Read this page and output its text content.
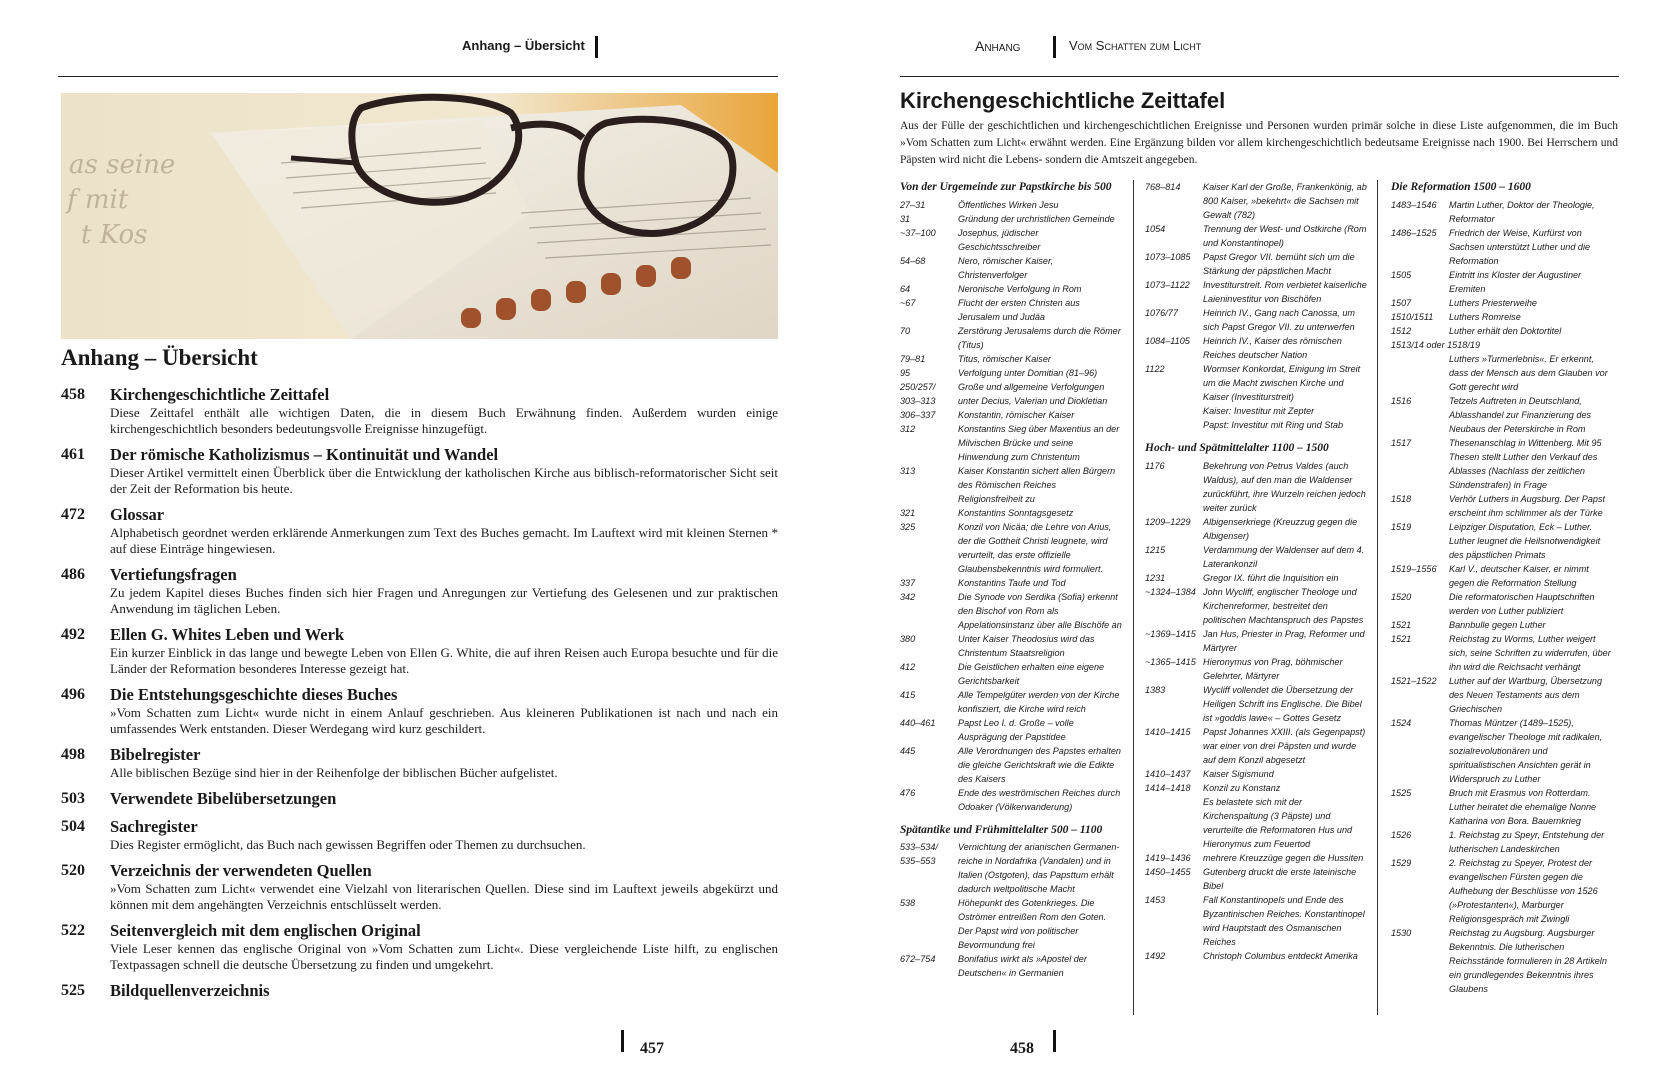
Anhang – Übersicht
as seine
f mit
t Kos
Anhang – Übersicht
458	Kirchengeschichtliche Zeittafel
Diese Zeittafel enthält alle wichtigen Daten, die in diesem Buch Erwähnung finden. Außerdem wurden einige kirchengeschichtlich besonders bedeutungsvolle Ereignisse hinzugefügt.
461	Der römische Katholizismus – Kontinuität und Wandel
Dieser Artikel vermittelt einen Überblick über die Entwicklung der katholischen Kirche aus biblisch-reformatorischer Sicht seit der Zeit der Reformation bis heute.
472	Glossar
Alphabetisch geordnet werden erklärende Anmerkungen zum Text des Buches gemacht. Im Lauftext wird mit kleinen Sternen * auf diese Einträge hingewiesen.
486	Vertiefungsfragen
Zu jedem Kapitel dieses Buches finden sich hier Fragen und Anregungen zur Vertiefung des Gelesenen und zur praktischen Anwendung im täglichen Leben.
492	Ellen G. Whites Leben und Werk
Ein kurzer Einblick in das lange und bewegte Leben von Ellen G. White, die auf ihren Reisen auch Europa besuchte und für die Länder der Reformation besonderes Interesse gezeigt hat.
496	Die Entstehungsgeschichte dieses Buches
»Vom Schatten zum Licht« wurde nicht in einem Anlauf geschrieben. Aus kleineren Publikationen ist nach und nach ein umfassendes Werk entstanden. Dieser Werdegang wird kurz geschildert.
498	Bibelregister
Alle biblischen Bezüge sind hier in der Reihenfolge der biblischen Bücher aufgelistet.
503	Verwendete Bibelübersetzungen
504	Sachregister
Dies Register ermöglicht, das Buch nach gewissen Begriffen oder Themen zu durchsuchen.
520	Verzeichnis der verwendeten Quellen
»Vom Schatten zum Licht« verwendet eine Vielzahl von literarischen Quellen. Diese sind im Lauftext jeweils abgekürzt und können mit dem angehängten Verzeichnis entschlüsselt werden.
522	Seitenvergleich mit dem englischen Original
Viele Leser kennen das englische Original von »Vom Schatten zum Licht«. Diese vergleichende Liste hilft, zu englischen Textpassagen schnell die deutsche Übersetzung zu finden und umgekehrt.
525	Bildquellenverzeichnis
457
Anhang	Vom Schatten zum Licht
Kirchengeschichtliche Zeittafel
Aus der Fülle der geschichtlichen und kirchengeschichtlichen Ereignisse und Personen wurden primär solche in diese Liste aufgenommen, die im Buch »Vom Schatten zum Licht« erwähnt werden. Eine Ergänzung bilden vor allem kirchengeschichtlich bedeutsame Ereignisse nach 1900. Bei Herrschern und Päpsten wird nicht die Lebens- sondern die Amtszeit angegeben.
Von der Urgemeinde zur Papstkirche bis 500
27–31	Öffentliches Wirken Jesu
31	Gründung der urchristlichen Gemeinde
~37–100	Josephus, jüdischer Geschichtsschreiber
54–68	Nero, römischer Kaiser, Christenverfolger
64	Neronische Verfolgung in Rom
~67	Flucht der ersten Christen aus Jerusalem und Judäa
70	Zerstörung Jerusalems durch die Römer (Titus)
79–81	Titus, römischer Kaiser
95	Verfolgung unter Domitian (81–96)
250/257/	Große und allgemeine Verfolgungen
303–313	unter Decius, Valerian und Diokletian
306–337	Konstantin, römischer Kaiser
312	Konstantins Sieg über Maxentius an der Milvischen Brücke und seine Hinwendung zum Christentum
313	Kaiser Konstantin sichert allen Bürgern des Römischen Reiches Religionsfreiheit zu
321	Konstantins Sonntagsgesetz
325	Konzil von Nicäa; die Lehre von Arius, der die Gottheit Christi leugnete, wird verurteilt, das erste offizielle Glaubensbekenntnis wird formuliert.
337	Konstantins Taufe und Tod
342	Die Synode von Serdika (Sofia) erkennt den Bischof von Rom als Appelationsinstanz über alle Bischöfe an
380	Unter Kaiser Theodosius wird das Christentum Staatsreligion
412	Die Geistlichen erhalten eine eigene Gerichtsbarkeit
415	Alle Tempelgüter werden von der Kirche konfisziert, die Kirche wird reich
440–461	Papst Leo I. d. Große – volle Ausprägung der Papstidee
445	Alle Verordnungen des Papstes erhalten die gleiche Gerichtskraft wie die Edikte des Kaisers
476	Ende des weströmischen Reiches durch Odoaker (Völkerwanderung)
Spätantike und Frühmittelalter 500 – 1100
533–534/	Vernichtung der arianischen Germanen-
535–553	reiche in Nordafrika (Vandalen) und in Italien (Ostgoten), das Papsttum erhält dadurch weltpolitische Macht
538	Höhepunkt des Gotenkrieges. Die Oströmer entreißen Rom den Goten. Der Papst wird von politischer Bevormundung frei
672–754	Bonifatius wirkt als »Apostel der Deutschen« in Germanien
768–814	Kaiser Karl der Große, Frankenkönig, ab 800 Kaiser, »bekehrt« die Sachsen mit Gewalt (782)
1054	Trennung der West- und Ostkirche (Rom und Konstantinopel)
1073–1085	Papst Gregor VII. bemüht sich um die Stärkung der päpstlichen Macht
1073–1122	Investiturstreit. Rom verbietet kaiserliche Laieninvestitur von Bischöfen
1076/77	Heinrich IV., Gang nach Canossa, um sich Papst Gregor VII. zu unterwerfen
1084–1105	Heinrich IV., Kaiser des römischen Reiches deutscher Nation
1122	Wormser Konkordat, Einigung im Streit um die Macht zwischen Kirche und Kaiser (Investiturstreit)
Kaiser: Investitur mit Zepter
Papst: Investitur mit Ring und Stab
Hoch- und Spätmittelalter 1100 – 1500
1176	Bekehrung von Petrus Valdes (auch Waldus), auf den man die Waldenser zurückführt, ihre Wurzeln reichen jedoch weiter zurück
1209–1229	Albigenserkriege (Kreuzzug gegen die Albigenser)
1215	Verdammung der Waldenser auf dem 4. Laterankonzil
1231	Gregor IX. führt die Inquisition ein
~1324–1384 John Wycliff, englischer Theologe und Kirchenreformer, bestreitet den politischen Machtanspruch des Papstes
~1369–1415 Jan Hus, Priester in Prag, Reformer und Märtyrer
~1365–1415 Hieronymus von Prag, böhmischer Gelehrter, Märtyrer
1383	Wycliff vollendet die Übersetzung der Heiligen Schrift ins Englische. Die Bibel ist »goddis lawe« – Gottes Gesetz
1410–1415	Papst Johannes XXIII. (als Gegenpapst) war einer von drei Päpsten und wurde auf dem Konzil abgesetzt
1410–1437	Kaiser Sigismund
1414–1418	Konzil zu Konstanz
Es belastete sich mit der Kirchenspaltung (3 Päpste) und verurteilte die Reformatoren Hus und Hieronymus zum Feuertod
1419–1436	mehrere Kreuzzüge gegen die Hussiten
1450–1455	Gutenberg druckt die erste lateinische Bibel
1453	Fall Konstantinopels und Ende des Byzantinischen Reiches. Konstantinopel wird Hauptstadt des Osmanischen Reiches
1492	Christoph Columbus entdeckt Amerika
Die Reformation 1500 – 1600
1483–1546	Martin Luther, Doktor der Theologie, Reformator
1486–1525	Friedrich der Weise, Kurfürst von Sachsen unterstützt Luther und die Reformation
1505	Eintritt ins Kloster der Augustiner Eremiten
1507	Luthers Priesterweihe
1510/1511	Luthers Romreise
1512	Luther erhält den Doktortitel
1513/14 oder 1518/19
Luthers »Turmerlebnis«. Er erkennt, dass der Mensch aus dem Glauben vor Gott gerecht wird
1516	Tetzels Auftreten in Deutschland, Ablasshandel zur Finanzierung des Neubaus der Peterskirche in Rom
1517	Thesenanschlag in Wittenberg. Mit 95 Thesen stellt Luther den Verkauf des Ablasses (Nachlass der zeitlichen Sündenstrafen) in Frage
1518	Verhör Luthers in Augsburg. Der Papst erscheint ihm schlimmer als der Türke
1519	Leipziger Disputation, Eck – Luther. Luther leugnet die Heilsnotwendigkeit des päpstlichen Primats
1519–1556	Karl V., deutscher Kaiser, er nimmt gegen die Reformation Stellung
1520	Die reformatorischen Hauptschriften werden von Luther publiziert
1521	Bannbulle gegen Luther
1521	Reichstag zu Worms, Luther weigert sich, seine Schriften zu widerrufen, über ihn wird die Reichsacht verhängt
1521–1522	Luther auf der Wartburg, Übersetzung des Neuen Testaments aus dem Griechischen
1524	Thomas Müntzer (1489–1525), evangelischer Theologe mit radikalen, sozialrevolutionären und spiritualistischen Ansichten gerät in Widerspruch zu Luther
1525	Bruch mit Erasmus von Rotterdam. Luther heiratet die ehemalige Nonne Katharina von Bora. Bauernkrieg
1526	1. Reichstag zu Speyr, Entstehung der lutherischen Landeskirchen
1529	2. Reichstag zu Speyer, Protest der evangelischen Fürsten gegen die Aufhebung der Beschlüsse von 1526 (»Protestanten«), Marburger Religionsgespräch mit Zwingli
1530	Reichstag zu Augsburg. Augsburger Bekenntnis. Die lutherischen Reichsstände formulieren in 28 Artikeln ein grundlegendes Bekenntnis ihres Glaubens
458
